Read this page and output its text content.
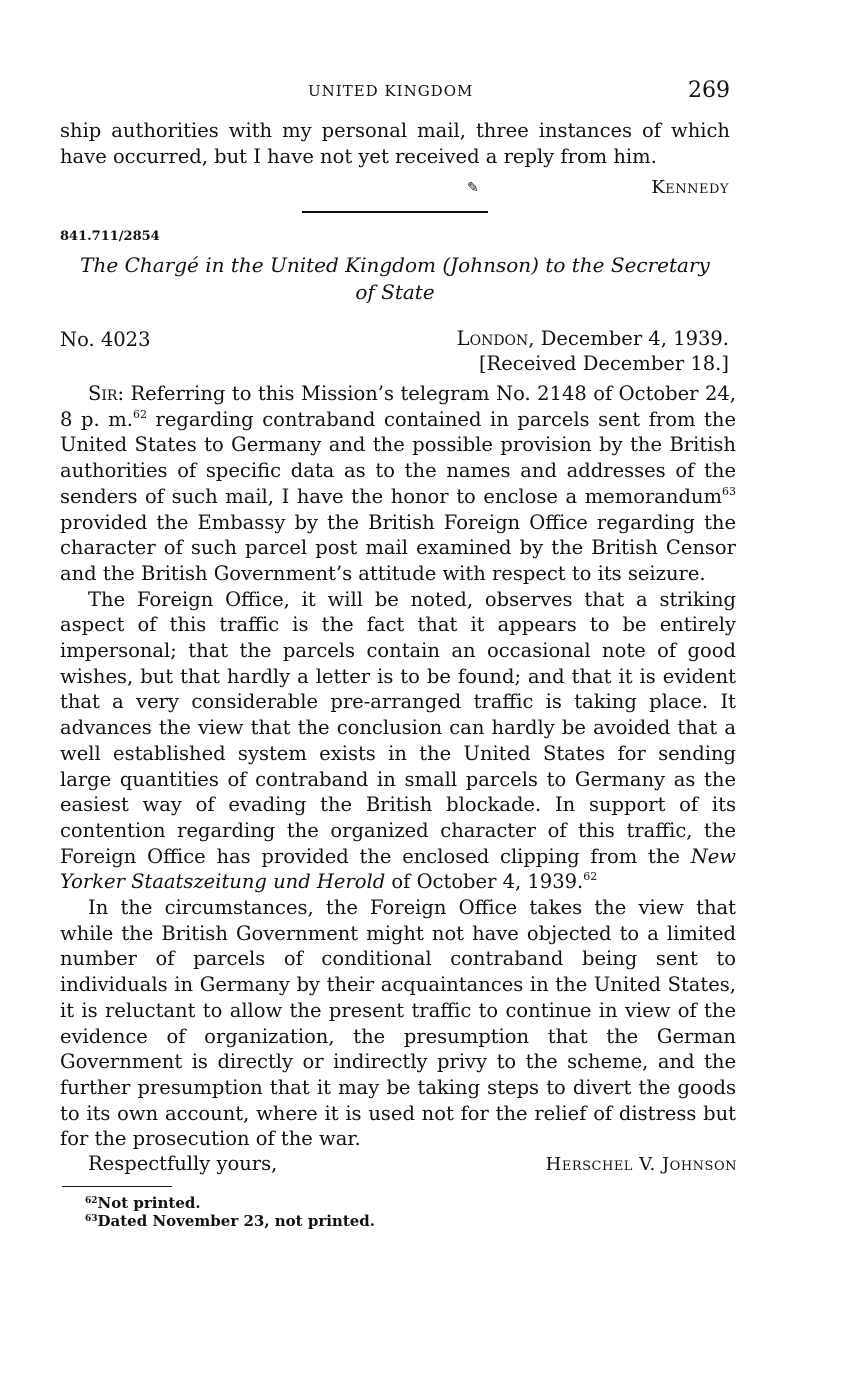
UNITED KINGDOM	269

ship authorities with my personal mail, three instances of which have occurred, but I have not yet received a reply from him.

✎	Kennedy
841.711/2854
The Chargé in the United Kingdom (Johnson) to the Secretary
of State
No. 4023	London, December 4, 1939.
[Received December 18.]

Sir: Referring to this Mission’s telegram No. 2148 of October 24, 8 p. m.$^{62}$ regarding contraband contained in parcels sent from the United States to Germany and the possible provision by the British authorities of specific data as to the names and addresses of the senders of such mail, I have the honor to enclose a memorandum$^{63}$ provided the Embassy by the British Foreign Office regarding the character of such parcel post mail examined by the British Censor and the British Government’s attitude with respect to its seizure.

The Foreign Office, it will be noted, observes that a striking aspect of this traffic is the fact that it appears to be entirely impersonal; that the parcels contain an occasional note of good wishes, but that hardly a letter is to be found; and that it is evident that a very considerable pre-arranged traffic is taking place. It advances the view that the conclusion can hardly be avoided that a well established system exists in the United States for sending large quantities of contraband in small parcels to Germany as the easiest way of evading the British blockade. In support of its contention regarding the organized character of this traffic, the Foreign Office has provided the enclosed clipping from the New Yorker Staatszeitung und Herold of October 4, 1939.62

In the circumstances, the Foreign Office takes the view that while the British Government might not have objected to a limited number of parcels of conditional contraband being sent to individuals in Germany by their acquaintances in the United States, it is reluctant to allow the present traffic to continue in view of the evidence of organization, the presumption that the German Government is directly or indirectly privy to the scheme, and the further presumption that it may be taking steps to divert the goods to its own account, where it is used not for the relief of distress but for the prosecution of the war.

Respectfully yours,	Herschel V. Johnson
$^{62}$Not printed.
$^{63}$Dated November 23, not printed.
